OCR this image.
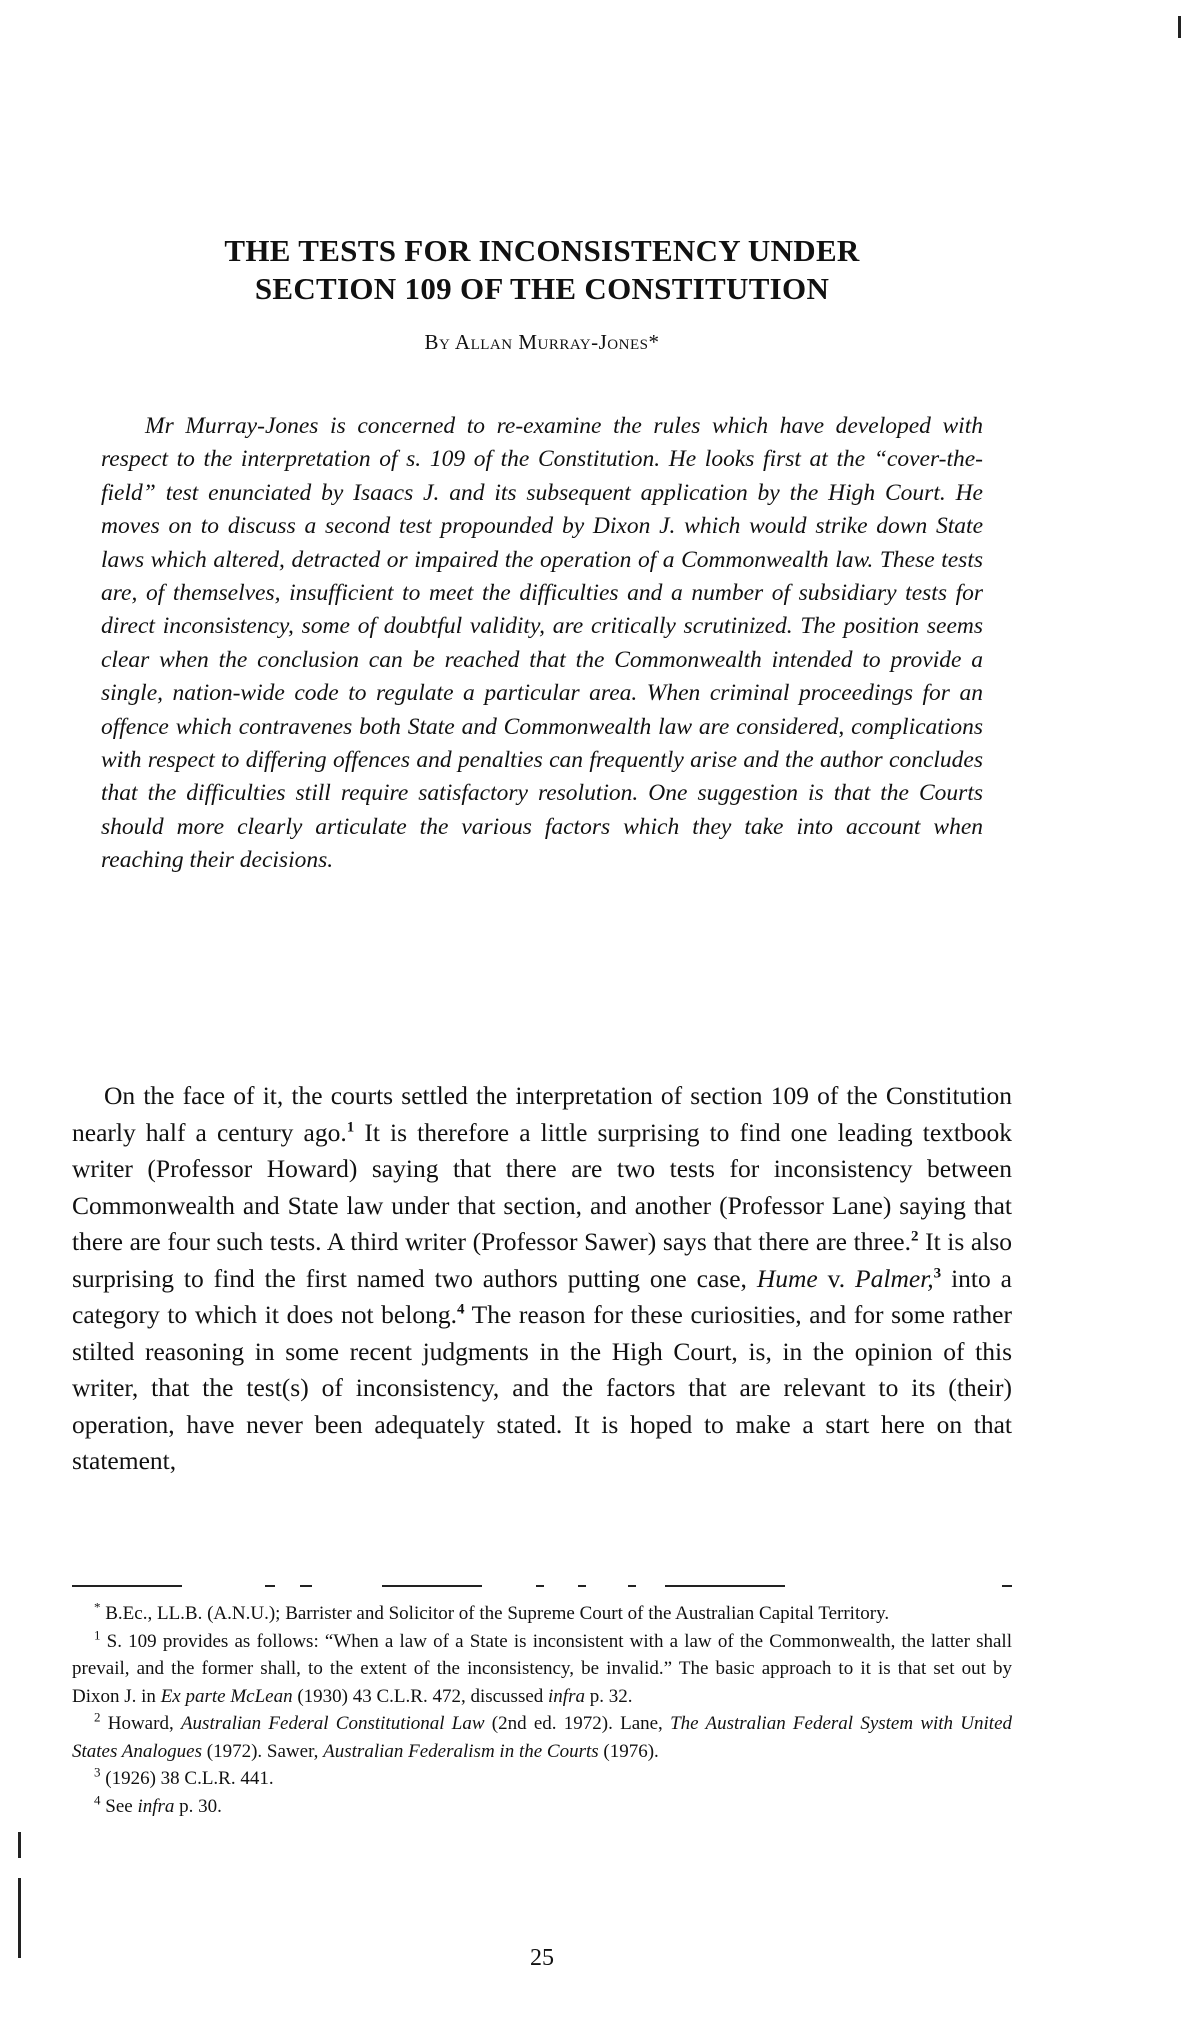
THE TESTS FOR INCONSISTENCY UNDER
SECTION 109 OF THE CONSTITUTION
By Allan Murray-Jones*

Mr Murray-Jones is concerned to re-examine the rules which have developed with respect to the interpretation of s. 109 of the Constitution. He looks first at the “cover-the-field” test enunciated by Isaacs J. and its subsequent application by the High Court. He moves on to discuss a second test propounded by Dixon J. which would strike down State laws which altered, detracted or impaired the operation of a Commonwealth law. These tests are, of themselves, insufficient to meet the difficulties and a number of subsidiary tests for direct inconsistency, some of doubtful validity, are critically scrutinized. The position seems clear when the conclusion can be reached that the Commonwealth intended to provide a single, nation-wide code to regulate a particular area. When criminal proceedings for an offence which contravenes both State and Commonwealth law are considered, complications with respect to differing offences and penalties can frequently arise and the author concludes that the difficulties still require satisfactory resolution. One suggestion is that the Courts should more clearly articulate the various factors which they take into account when reaching their decisions.

On the face of it, the courts settled the interpretation of section 109 of the Constitution nearly half a century ago.$^1$ It is therefore a little surprising to find one leading textbook writer (Professor Howard) saying that there are two tests for inconsistency between Commonwealth and State law under that section, and another (Professor Lane) saying that there are four such tests. A third writer (Professor Sawer) says that there are three.$^2$ It is also surprising to find the first named two authors putting one case, Hume v. Palmer,$^3$ into a category to which it does not belong.$^4$ The reason for these curiosities, and for some rather stilted reasoning in some recent judgments in the High Court, is, in the opinion of this writer, that the test(s) of inconsistency, and the factors that are relevant to its (their) operation, have never been adequately stated. It is hoped to make a start here on that statement,

* B.Ec., LL.B. (A.N.U.); Barrister and Solicitor of the Supreme Court of the Australian Capital Territory.

$^1$ S. 109 provides as follows: “When a law of a State is inconsistent with a law of the Commonwealth, the latter shall prevail, and the former shall, to the extent of the inconsistency, be invalid.” The basic approach to it is that set out by Dixon J. in Ex parte McLean (1930) 43 C.L.R. 472, discussed infra p. 32.

$^2$ Howard, Australian Federal Constitutional Law (2nd ed. 1972). Lane, The Australian Federal System with United States Analogues (1972). Sawer, Australian Federalism in the Courts (1976).

$^3$ (1926) 38 C.L.R. 441.

$^4$ See infra p. 30.

25
